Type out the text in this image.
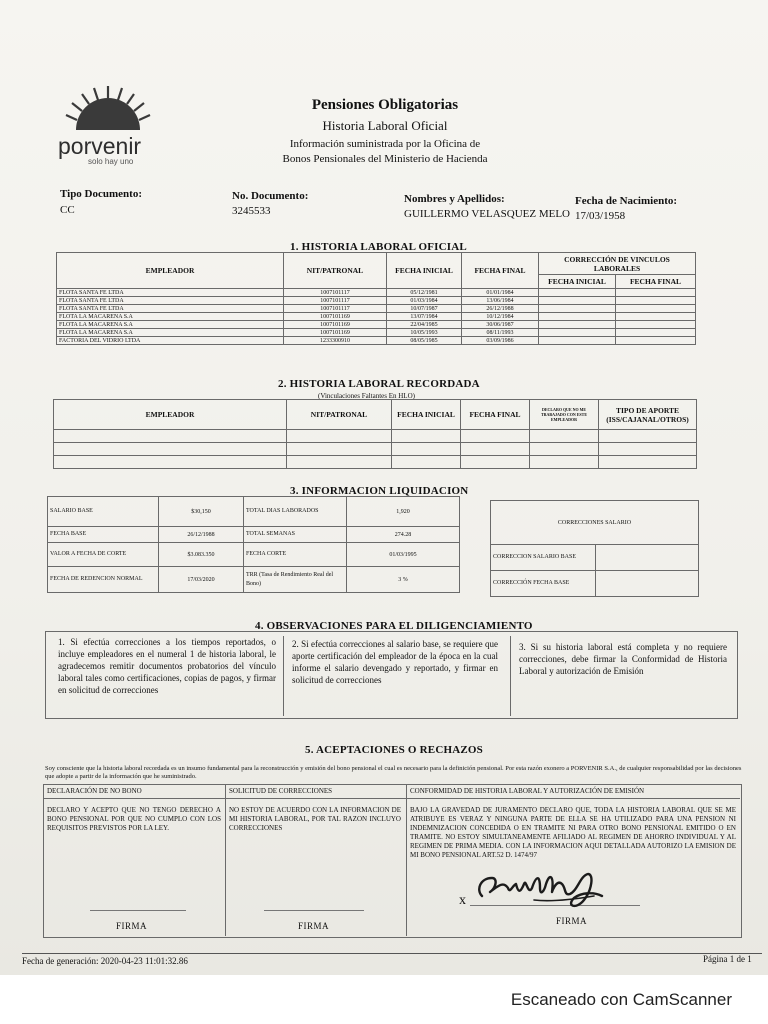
porvenir
solo hay uno
Pensiones Obligatorias
Historia Laboral Oficial
Información suministrada por la Oficina de
Bonos Pensionales del Ministerio de Hacienda
Tipo Documento:
CC
No. Documento:
3245533
Nombres y Apellidos:
GUILLERMO VELASQUEZ MELO
Fecha de Nacimiento:
17/03/1958
1. HISTORIA LABORAL OFICIAL
EMPLEADOR	NIT/PATRONAL	FECHA INICIAL	FECHA FINAL	CORRECCIÓN DE VINCULOS LABORALES	
				FECHA INICIAL	FECHA FINAL
FLOTA SANTA FE LTDA	1007101117	05/12/1981	01/01/1984		
FLOTA SANTA FE LTDA	1007101117	01/03/1984	13/06/1984		
FLOTA SANTA FE LTDA	1007101117	10/07/1987	26/12/1988		
FLOTA LA MACARENA S.A	1007101169	13/07/1984	10/12/1984		
FLOTA LA MACARENA S.A	1007101169	22/04/1985	30/06/1987		
FLOTA LA MACARENA S.A	1007101169	10/05/1993	08/11/1993		
FACTORIA DEL VIDRIO LTDA	1233300910	08/05/1985	03/09/1986		
2. HISTORIA LABORAL RECORDADA
(Vinculaciones Faltantes En HLO)
EMPLEADOR	NIT/PATRONAL	FECHA INICIAL	FECHA FINAL	DECLARO QUE NO ME TRABAJADO CON ESTE EMPLEADOR	TIPO DE APORTE (ISS/CAJANAL/OTROS)

3. INFORMACION LIQUIDACION
SALARIO BASE	$30,150	TOTAL DIAS LABORADOS	1,920
FECHA BASE	26/12/1988	TOTAL SEMANAS	274.28
VALOR A FECHA DE CORTE	$3.083.350	FECHA CORTE	01/03/1995
FECHA DE REDENCION NORMAL	17/03/2020	TRR (Tasa de Rendimiento Real del Bono)	3 %
CORRECCIONES SALARIO	
CORRECCION SALARIO BASE	
CORRECCIÓN FECHA BASE	
4. OBSERVACIONES PARA EL DILIGENCIAMIENTO
1. Si efectúa correcciones a los tiempos reportados, o incluye empleadores en el numeral 1 de historia laboral, le agradecemos remitir documentos probatorios del vínculo laboral tales como certificaciones, copias de pagos, y firmar en solicitud de correcciones
2. Si efectúa correcciones al salario base, se requiere que aporte certificación del empleador de la época en la cual informe el salario devengado y reportado, y firmar en solicitud de correcciones
3. Si su historia laboral está completa y no requiere correcciones, debe firmar la Conformidad de Historia Laboral y autorización de Emisión
5. ACEPTACIONES O RECHAZOS
Soy consciente que la historia laboral recordada es un insumo fundamental para la reconstrucción y emisión del bono pensional el cual es necesario para la definición pensional. Por esta razón exonero a PORVENIR S.A., de cualquier responsabilidad por las decisiones que adopte a partir de la información que he suministrado.
DECLARACIÓN DE NO BONO
DECLARO Y ACEPTO QUE NO TENGO DERECHO A BONO PENSIONAL POR QUE NO CUMPLO CON LOS REQUISITOS PREVISTOS POR LA LEY.
SOLICITUD DE CORRECCIONES
NO ESTOY DE ACUERDO CON LA INFORMACION DE MI HISTORIA LABORAL, POR TAL RAZON INCLUYO CORRECCIONES
CONFORMIDAD DE HISTORIA LABORAL Y AUTORIZACIÓN DE EMISIÓN
BAJO LA GRAVEDAD DE JURAMENTO DECLARO QUE, TODA LA HISTORIA LABORAL QUE SE ME ATRIBUYE ES VERAZ Y NINGUNA PARTE DE ELLA SE HA UTILIZADO PARA UNA PENSION NI INDEMNIZACION CONCEDIDA O EN TRAMITE NI PARA OTRO BONO PENSIONAL EMITIDO O EN TRAMITE. NO ESTOY SIMULTANEAMENTE AFILIADO AL REGIMEN DE AHORRO INDIVIDUAL Y AL REGIMEN DE PRIMA MEDIA. CON LA INFORMACION AQUI DETALLADA AUTORIZO LA EMISION DE MI BONO PENSIONAL ART.52 D. 1474/97
FIRMA	FIRMA
x
FIRMA
Fecha de generación: 2020-04-23 11:01:32.86	Página 1 de 1
Escaneado con CamScanner
